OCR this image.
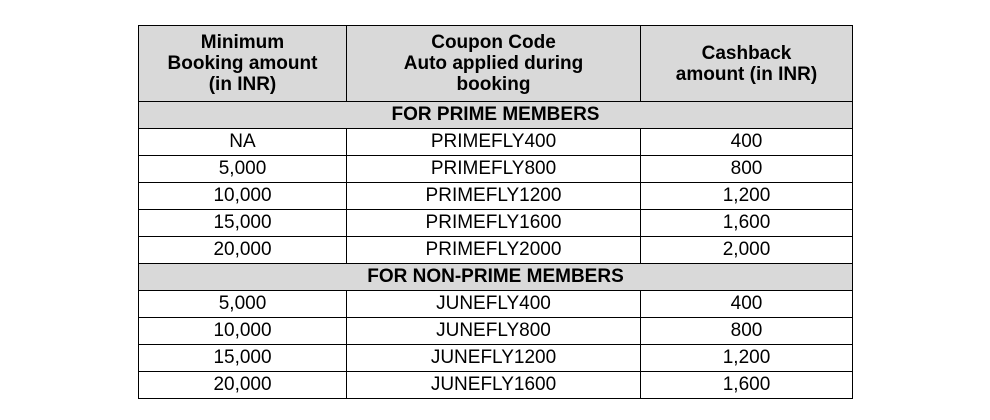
Minimum
Booking amount
(in INR)	Coupon Code
Auto applied during
booking	Cashback
amount (in INR)

FOR PRIME MEMBERS		
NA	PRIMEFLY400	400
5,000	PRIMEFLY800	800
10,000	PRIMEFLY1200	1,200
15,000	PRIMEFLY1600	1,600
20,000	PRIMEFLY2000	2,000
FOR NON-PRIME MEMBERS		
5,000	JUNEFLY400	400
10,000	JUNEFLY800	800
15,000	JUNEFLY1200	1,200
20,000	JUNEFLY1600	1,600
